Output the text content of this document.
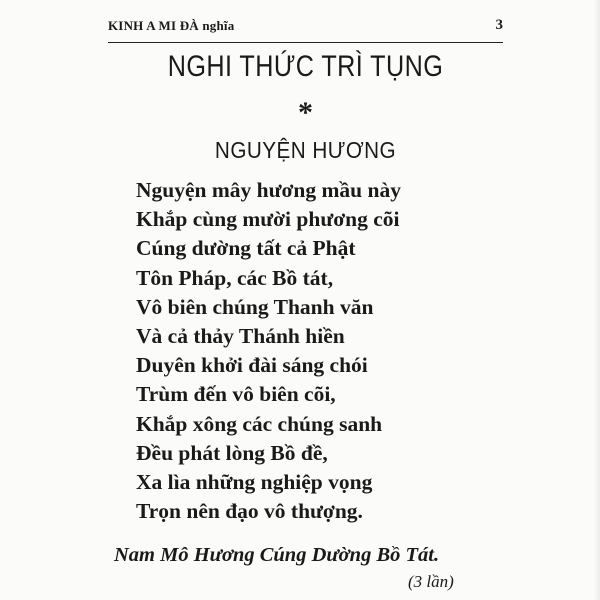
KINH A MI ĐÀ nghĩa	3
NGHI THỨC TRÌ TỤNG
*
NGUYỆN HƯƠNG
Nguyện mây hương mầu này
Khắp cùng mười phương cõi
Cúng dường tất cả Phật
Tôn Pháp, các Bồ tát,
Vô biên chúng Thanh văn
Và cả thảy Thánh hiền
Duyên khởi đài sáng chói
Trùm đến vô biên cõi,
Khắp xông các chúng sanh
Đều phát lòng Bồ đề,
Xa lìa những nghiệp vọng
Trọn nên đạo vô thượng.
Nam Mô Hương Cúng Dường Bồ Tát.
(3 lần)
